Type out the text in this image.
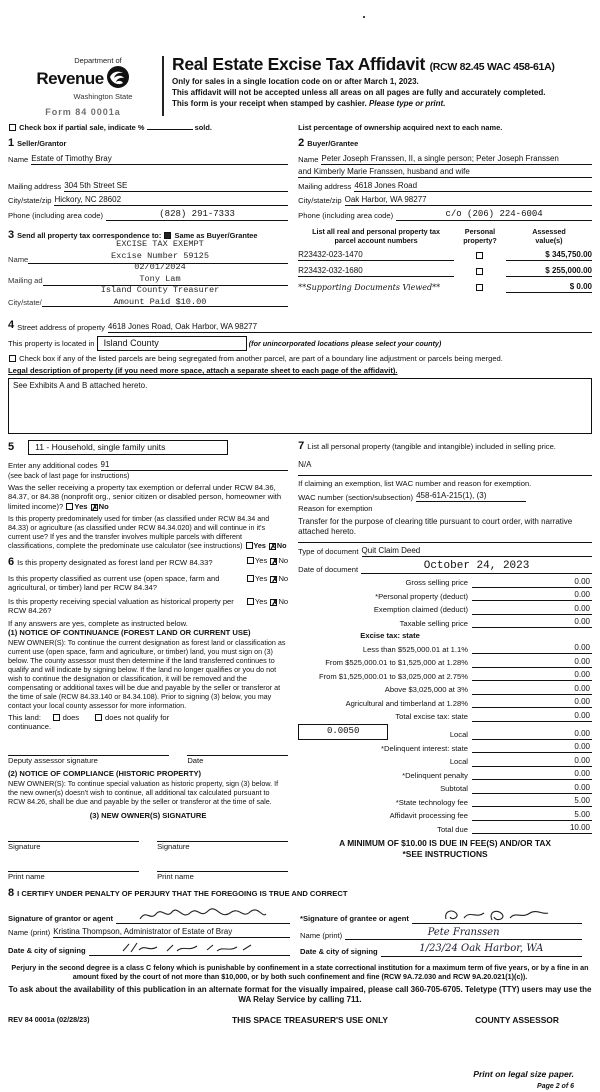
Department of
Revenue
Washington State
Form 84 0001a
Real Estate Excise Tax Affidavit (RCW 82.45 WAC 458-61A)

Only for sales in a single location code on or after March 1, 2023.

This affidavit will not be accepted unless all areas on all pages are fully and accurately completed.

This form is your receipt when stamped by cashier. Please type or print.

Check box if partial sale, indicate %	sold.	List percentage of ownership acquired next to each name.
1 Seller/Grantor
Name Estate of Timothy Bray
Mailing address 304 5th Street SE
City/state/zip Hickory, NC 28602
Phone (including area code)	(828) 291-7333
2 Buyer/Grantee
Name Peter Joseph Franssen, II, a single person; Peter Joseph Franssen
and Kimberly Marie Franssen, husband and wife
Mailing address 4618 Jones Road
City/state/zip Oak Harbor, WA 98277
Phone (including area code)	c/o (206) 224-6004
3 Send all property tax correspondence to: Same as Buyer/Grantee
Name
Mailing ad
City/state/
EXCISE TAX EXEMPT
Excise Number 59125
02/01/2024
Tony Lam
Island County Treasurer
Amount Paid $10.00
List all real and personal property tax
parcel account numbers
Personal
property?
Assessed
value(s)
R23432-023-1470	$ 345,750.00
R23432-032-1680	$ 255,000.00
**Supporting Documents Viewed**	$ 0.00
4 Street address of property 4618 Jones Road, Oak Harbor, WA 98277
This property is located in Island County	(for unincorporated locations please select your county)
Check box if any of the listed parcels are being segregated from another parcel, are part of a boundary line adjustment or parcels being merged.
Legal description of property (if you need more space, attach a separate sheet to each page of the affidavit).
See Exhibits A and B attached hereto.
5	11 - Household, single family units
Enter any additional codes 91
(see back of last page for instructions)
Was the seller receiving a property tax exemption or deferral under RCW 84.36, 84.37, or 84.38 (nonprofit org., senior citizen or disabled person, homeowner with limited income)? Yes ✗No
Is this property predominately used for timber (as classified under RCW 84.34 and 84.33) or agriculture (as classified under RCW 84.34.020) and will continue in it's current use? If yes and the transfer involves multiple parcels with different classifications, complete the predominate use calculator (see instructions) Yes ✗No
6 Is this property designated as forest land per RCW 84.33?	Yes ✗No
Is this property classified as current use (open space, farm and agricultural, or timber) land per RCW 84.34?
Yes ✗No
Is this property receiving special valuation as historical property per RCW 84.26?
Yes ✗No
If any answers are yes, complete as instructed below.
(1) NOTICE OF CONTINUANCE (FOREST LAND OR CURRENT USE)
NEW OWNER(S): To continue the current designation as forest land or classification as current use (open space, farm and agriculture, or timber) land, you must sign on (3) below. The county assessor must then determine if the land transferred continues to qualify and will indicate by signing below. If the land no longer qualifies or you do not wish to continue the designation or classification, it will be removed and the compensating or additional taxes will be due and payable by the seller or transferor at the time of sale (RCW 84.33.140 or 84.34.108). Prior to signing (3) below, you may contact your local county assessor for more information.
This land:	does	does not qualify for
continuance.
Deputy assessor signature	Date
(2) NOTICE OF COMPLIANCE (HISTORIC PROPERTY)
NEW OWNER(S): To continue special valuation as historic property, sign (3) below. If the new owner(s) doesn't wish to continue, all additional tax calculated pursuant to RCW 84.26, shall be due and payable by the seller or transferor at the time of sale.
(3) NEW OWNER(S) SIGNATURE
Signature	Signature
Print name	Print name
7 List all personal property (tangible and intangible) included in selling price.
N/A
If claiming an exemption, list WAC number and reason for exemption.
WAC number (section/subsection) 458-61A-215(1), (3)
Reason for exemption
Transfer for the purpose of clearing title pursuant to court order, with narrative attached hereto.
Type of document Quit Claim Deed
Date of document	October 24, 2023
Gross selling price	0.00
*Personal property (deduct)	0.00
Exemption claimed (deduct)	0.00
Taxable selling price	0.00
Excise tax: state
Less than $525,000.01 at 1.1%	0.00
From $525,000.01 to $1,525,000 at 1.28%	0.00
From $1,525,000.01 to $3,025,000 at 2.75%	0.00
Above $3,025,000 at 3%	0.00
Agricultural and timberland at 1.28%	0.00
Total excise tax: state	0.00
0.0050	Local	0.00
*Delinquent interest: state	0.00
Local	0.00
*Delinquent penalty	0.00
Subtotal	0.00
*State technology fee	5.00
Affidavit processing fee	5.00
Total due	10.00
A MINIMUM OF $10.00 IS DUE IN FEE(S) AND/OR TAX
*SEE INSTRUCTIONS
8 I CERTIFY UNDER PENALTY OF PERJURY THAT THE FOREGOING IS TRUE AND CORRECT
Signature of grantor or agent
Name (print) Kristina Thompson, Administrator of Estate of Bray
Date & city of signing
*Signature of grantee or agent
Name (print)	Pete Franssen
Date & city of signing	1/23/24 Oak Harbor, WA
Perjury in the second degree is a class C felony which is punishable by confinement in a state correctional institution for a maximum term of five years, or by a fine in an amount fixed by the court of not more than $10,000, or by both such confinement and fine (RCW 9A.72.030 and RCW 9A.20.021(1)(c)).
To ask about the availability of this publication in an alternate format for the visually impaired, please call 360-705-6705. Teletype (TTY) users may use the WA Relay Service by calling 711.
REV 84 0001a (02/28/23)	THIS SPACE TREASURER'S USE ONLY	COUNTY ASSESSOR
Print on legal size paper.
Page 2 of 6
